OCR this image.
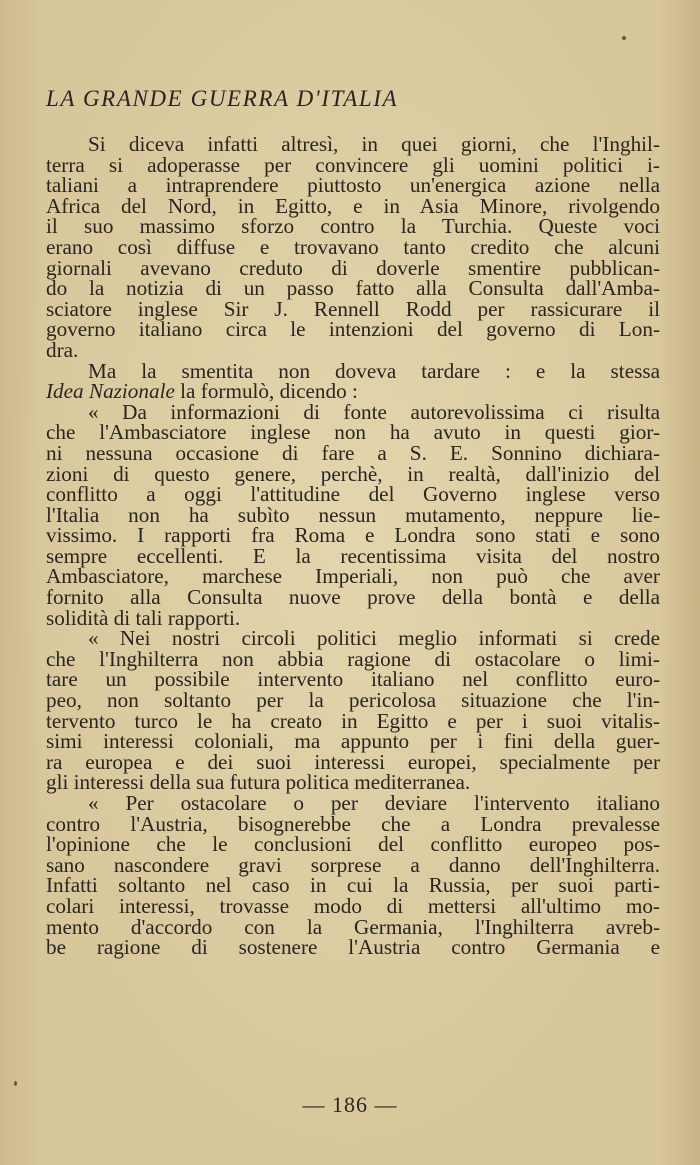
LA GRANDE GUERRA D'ITALIA
Si diceva infatti altresì, in quei giorni, che l'Inghil-
terra si adoperasse per convincere gli uomini politici i-
taliani a intraprendere piuttosto un'energica azione nella
Africa del Nord, in Egitto, e in Asia Minore, rivolgendo
il suo massimo sforzo contro la Turchia. Queste voci
erano così diffuse e trovavano tanto credito che alcuni
giornali avevano creduto di doverle smentire pubblican-
do la notizia di un passo fatto alla Consulta dall'Amba-
sciatore inglese Sir J. Rennell Rodd per rassicurare il
governo italiano circa le intenzioni del governo di Lon-
dra.
Ma la smentita non doveva tardare : e la stessa
Idea Nazionale la formulò, dicendo :
« Da informazioni di fonte autorevolissima ci risulta
che l'Ambasciatore inglese non ha avuto in questi gior-
ni nessuna occasione di fare a S. E. Sonnino dichiara-
zioni di questo genere, perchè, in realtà, dall'inizio del
conflitto a oggi l'attitudine del Governo inglese verso
l'Italia non ha subìto nessun mutamento, neppure lie-
vissimo. I rapporti fra Roma e Londra sono stati e sono
sempre eccellenti. E la recentissima visita del nostro
Ambasciatore, marchese Imperiali, non può che aver
fornito alla Consulta nuove prove della bontà e della
solidità di tali rapporti.
« Nei nostri circoli politici meglio informati si crede
che l'Inghilterra non abbia ragione di ostacolare o limi-
tare un possibile intervento italiano nel conflitto euro-
peo, non soltanto per la pericolosa situazione che l'in-
tervento turco le ha creato in Egitto e per i suoi vitalis-
simi interessi coloniali, ma appunto per i fini della guer-
ra europea e dei suoi interessi europei, specialmente per
gli interessi della sua futura politica mediterranea.
« Per ostacolare o per deviare l'intervento italiano
contro l'Austria, bisognerebbe che a Londra prevalesse
l'opinione che le conclusioni del conflitto europeo pos-
sano nascondere gravi sorprese a danno dell'Inghilterra.
Infatti soltanto nel caso in cui la Russia, per suoi parti-
colari interessi, trovasse modo di mettersi all'ultimo mo-
mento d'accordo con la Germania, l'Inghilterra avreb-
be ragione di sostenere l'Austria contro Germania e
— 186 —
